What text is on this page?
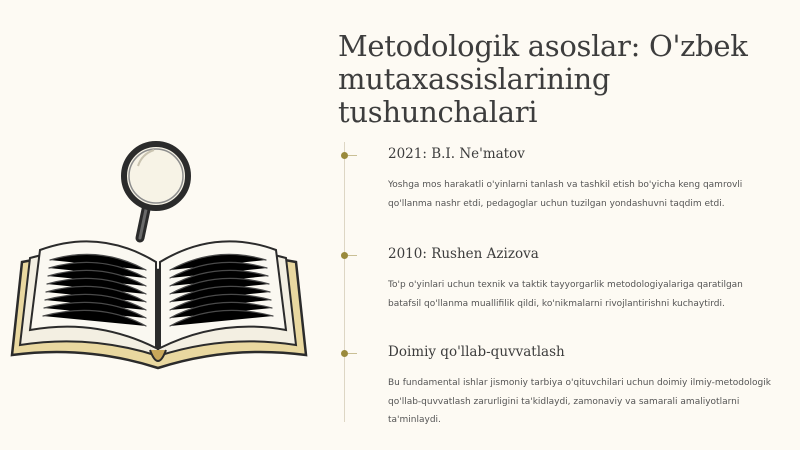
Metodologik asoslar: O'zbek mutaxassislarining tushunchalari
2021: B.I. Ne'matov
Yoshga mos harakatli o'yinlarni tanlash va tashkil etish bo'yicha keng qamrovli qo'llanma nashr etdi, pedagoglar uchun tuzilgan yondashuvni taqdim etdi.
2010: Rushen Azizova
To'p o'yinlari uchun texnik va taktik tayyorgarlik metodologiyalariga qaratilgan batafsil qo'llanma muallifilik qildi, ko'nikmalarni rivojlantirishni kuchaytirdi.
Doimiy qo'llab-quvvatlash
Bu fundamental ishlar jismoniy tarbiya o'qituvchilari uchun doimiy ilmiy-metodologik qo'llab-quvvatlash zarurligini ta'kidlaydi, zamonaviy va samarali amaliyotlarni ta'minlaydi.
